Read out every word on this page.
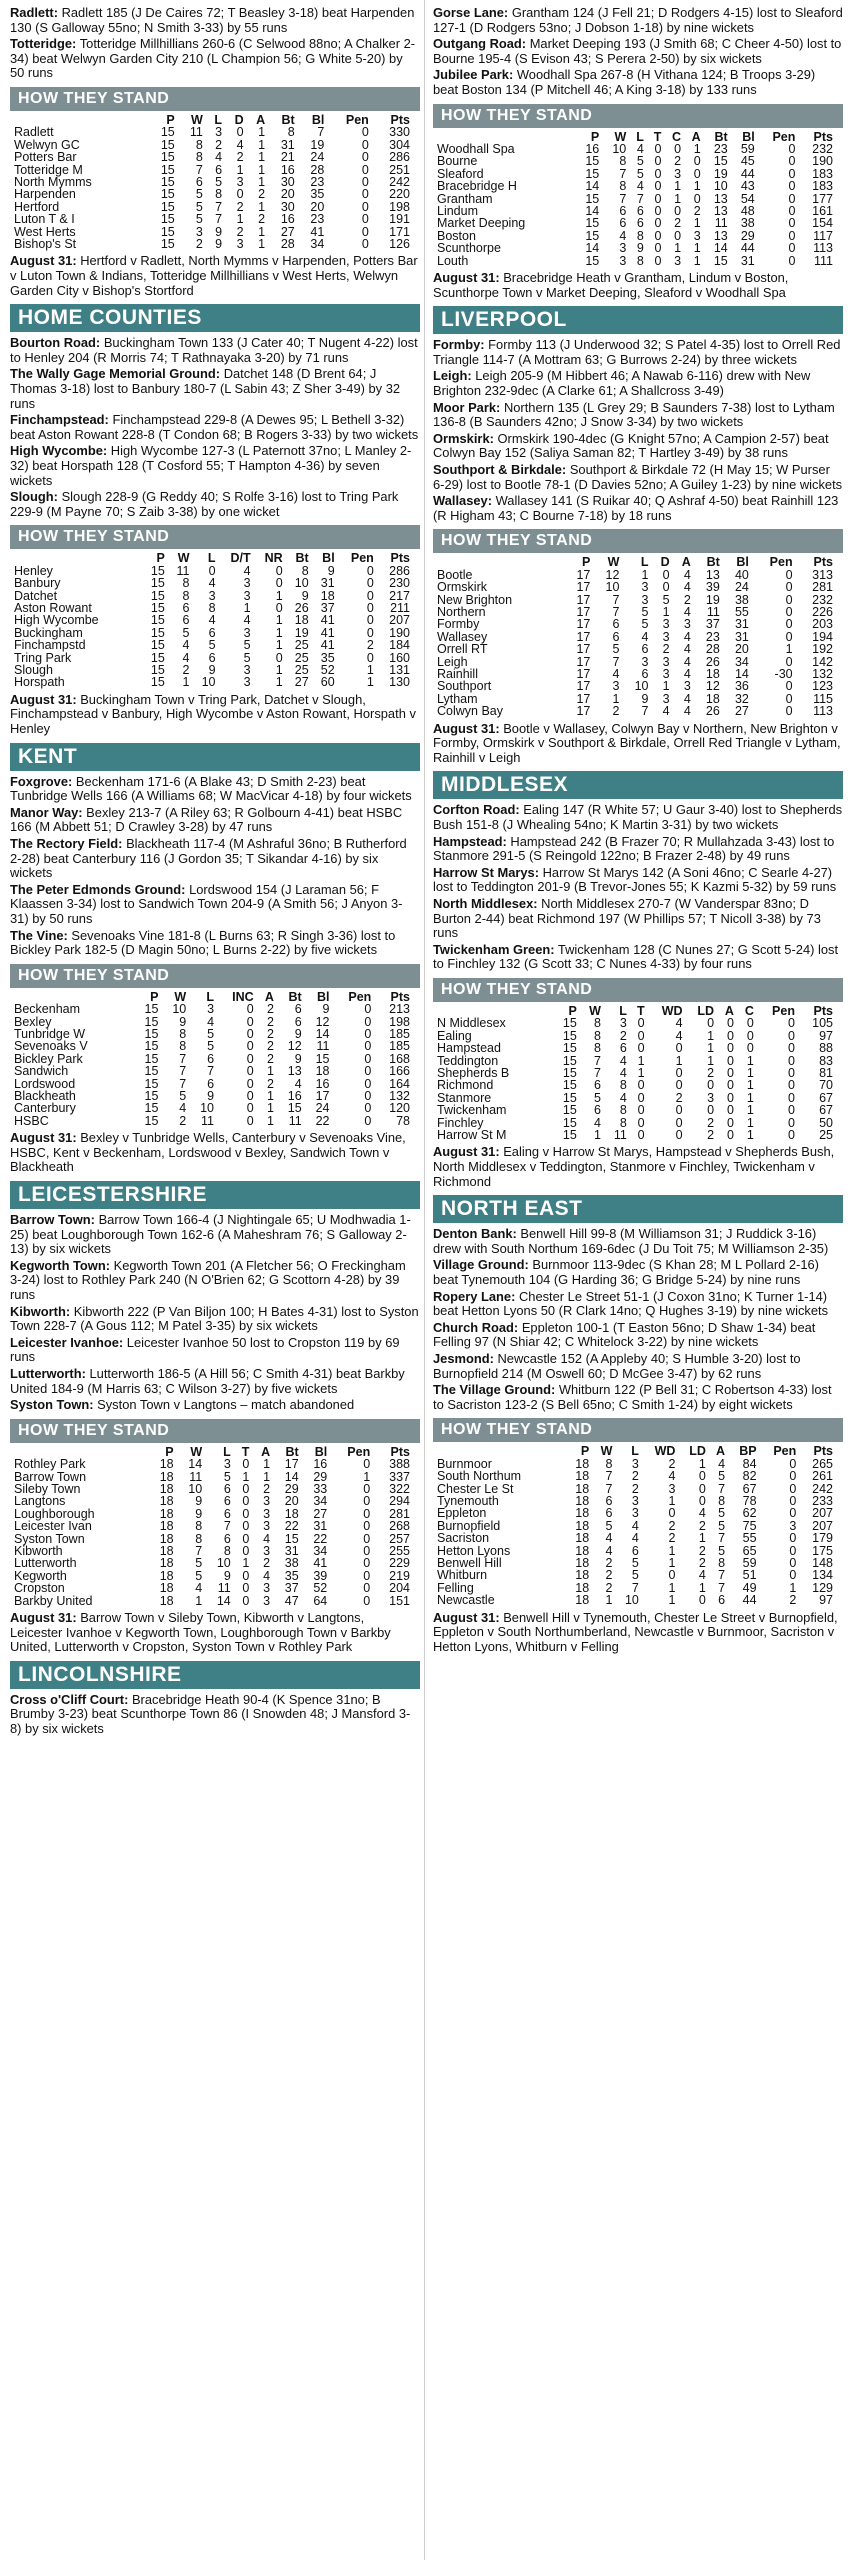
Radlett: Radlett 185 (J De Caires 72; T Beasley 3-18) beat Harpenden 130 (S Galloway 55no; N Smith 3-33) by 55 runs
Totteridge: Totteridge Millhillians 260-6 (C Selwood 88no; A Chalker 2-34) beat Welwyn Garden City 210 (L Champion 56; G White 5-20) by 50 runs
HOW THEY STAND
	P	W	L	D	A	Bt	Bl	Pen	Pts
Radlett	15	11	3	0	1	8	7	0	330
Welwyn GC	15	8	2	4	1	31	19	0	304
Potters Bar	15	8	4	2	1	21	24	0	286
Totteridge M	15	7	6	1	1	16	28	0	251
North Mymms	15	6	5	3	1	30	23	0	242
Harpenden	15	5	8	0	2	20	35	0	220
Hertford	15	5	7	2	1	30	20	0	198
Luton T & I	15	5	7	1	2	16	23	0	191
West Herts	15	3	9	2	1	27	41	0	171
Bishop's St	15	2	9	3	1	28	34	0	126
August 31: Hertford v Radlett, North Mymms v Harpenden, Potters Bar v Luton Town & Indians, Totteridge Millhillians v West Herts, Welwyn Garden City v Bishop's Stortford
HOME COUNTIES
Bourton Road: Buckingham Town 133 (J Cater 40; T Nugent 4-22) lost to Henley 204 (R Morris 74; T Rathnayaka 3-20) by 71 runs
The Wally Gage Memorial Ground: Datchet 148 (D Brent 64; J Thomas 3-18) lost to Banbury 180-7 (L Sabin 43; Z Sher 3-49) by 32 runs
Finchampstead: Finchampstead 229-8 (A Dewes 95; L Bethell 3-32) beat Aston Rowant 228-8 (T Condon 68; B Rogers 3-33) by two wickets
High Wycombe: High Wycombe 127-3 (L Paternott 37no; L Manley 2-32) beat Horspath 128 (T Cosford 55; T Hampton 4-36) by seven wickets
Slough: Slough 228-9 (G Reddy 40; S Rolfe 3-16) lost to Tring Park 229-9 (M Payne 70; S Zaib 3-38) by one wicket
HOW THEY STAND
	P	W	L	D/T	NR	Bt	Bl	Pen	Pts
Henley	15	11	0	4	0	8	9	0	286
Banbury	15	8	4	3	0	10	31	0	230
Datchet	15	8	3	3	1	9	18	0	217
Aston Rowant	15	6	8	1	0	26	37	0	211
High Wycombe	15	6	4	4	1	18	41	0	207
Buckingham	15	5	6	3	1	19	41	0	190
Finchampstd	15	4	5	5	1	25	41	2	184
Tring Park	15	4	6	5	0	25	35	0	160
Slough	15	2	9	3	1	25	52	1	131
Horspath	15	1	10	3	1	27	60	1	130
August 31: Buckingham Town v Tring Park, Datchet v Slough, Finchampstead v Banbury, High Wycombe v Aston Rowant, Horspath v Henley
KENT
Foxgrove: Beckenham 171-6 (A Blake 43; D Smith 2-23) beat Tunbridge Wells 166 (A Williams 68; W MacVicar 4-18) by four wickets
Manor Way: Bexley 213-7 (A Riley 63; R Golbourn 4-41) beat HSBC 166 (M Abbett 51; D Crawley 3-28) by 47 runs
The Rectory Field: Blackheath 117-4 (M Ashraful 36no; B Rutherford 2-28) beat Canterbury 116 (J Gordon 35; T Sikandar 4-16) by six wickets
The Peter Edmonds Ground: Lordswood 154 (J Laraman 56; F Klaassen 3-34) lost to Sandwich Town 204-9 (A Smith 56; J Anyon 3-31) by 50 runs
The Vine: Sevenoaks Vine 181-8 (L Burns 63; R Singh 3-36) lost to Bickley Park 182-5 (D Magin 50no; L Burns 2-22) by five wickets
HOW THEY STAND
	P	W	L	INC	A	Bt	Bl	Pen	Pts
Beckenham	15	10	3	0	2	6	9	0	213
Bexley	15	9	4	0	2	6	12	0	198
Tunbridge W	15	8	5	0	2	9	14	0	185
Sevenoaks V	15	8	5	0	2	12	11	0	185
Bickley Park	15	7	6	0	2	9	15	0	168
Sandwich	15	7	7	0	1	13	18	0	166
Lordswood	15	7	6	0	2	4	16	0	164
Blackheath	15	5	9	0	1	16	17	0	132
Canterbury	15	4	10	0	1	15	24	0	120
HSBC	15	2	11	0	1	11	22	0	78
August 31: Bexley v Tunbridge Wells, Canterbury v Sevenoaks Vine, HSBC, Kent v Beckenham, Lordswood v Bexley, Sandwich Town v Blackheath
LEICESTERSHIRE
Barrow Town: Barrow Town 166-4 (J Nightingale 65; U Modhwadia 1-25) beat Loughborough Town 162-6 (A Maheshram 76; S Galloway 2-13) by six wickets
Kegworth Town: Kegworth Town 201 (A Fletcher 56; O Freckingham 3-24) lost to Rothley Park 240 (N O'Brien 62; G Scottorn 4-28) by 39 runs
Kibworth: Kibworth 222 (P Van Biljon 100; H Bates 4-31) lost to Syston Town 228-7 (A Gous 112; M Patel 3-35) by six wickets
Leicester Ivanhoe: Leicester Ivanhoe 50 lost to Cropston 119 by 69 runs
Lutterworth: Lutterworth 186-5 (A Hill 56; C Smith 4-31) beat Barkby United 184-9 (M Harris 63; C Wilson 3-27) by five wickets
Syston Town: Syston Town v Langtons – match abandoned
HOW THEY STAND
	P	W	L	T	A	Bt	Bl	Pen	Pts
Rothley Park	18	14	3	0	1	17	16	0	388
Barrow Town	18	11	5	1	1	14	29	1	337
Sileby Town	18	10	6	0	2	29	33	0	322
Langtons	18	9	6	0	3	20	34	0	294
Loughborough	18	9	6	0	3	18	27	0	281
Leicester Ivan	18	8	7	0	3	22	31	0	268
Syston Town	18	8	6	0	4	15	22	0	257
Kibworth	18	7	8	0	3	31	34	0	255
Lutterworth	18	5	10	1	2	38	41	0	229
Kegworth	18	5	9	0	4	35	39	0	219
Cropston	18	4	11	0	3	37	52	0	204
Barkby United	18	1	14	0	3	47	64	0	151
August 31: Barrow Town v Sileby Town, Kibworth v Langtons, Leicester Ivanhoe v Kegworth Town, Loughborough Town v Barkby United, Lutterworth v Cropston, Syston Town v Rothley Park
LINCOLNSHIRE
Cross o'Cliff Court: Bracebridge Heath 90-4 (K Spence 31no; B Brumby 3-23) beat Scunthorpe Town 86 (I Snowden 48; J Mansford 3-8) by six wickets
Gorse Lane: Grantham 124 (J Fell 21; D Rodgers 4-15) lost to Sleaford 127-1 (D Rodgers 53no; J Dobson 1-18) by nine wickets
Outgang Road: Market Deeping 193 (J Smith 68; C Cheer 4-50) lost to Bourne 195-4 (S Evison 43; S Perera 2-50) by six wickets
Jubilee Park: Woodhall Spa 267-8 (H Vithana 124; B Troops 3-29) beat Boston 134 (P Mitchell 46; A King 3-18) by 133 runs
HOW THEY STAND
	P	W	L	T	C	A	Bt	Bl	Pen	Pts
Woodhall Spa	16	10	4	0	0	1	23	59	0	232
Bourne	15	8	5	0	2	0	15	45	0	190
Sleaford	15	7	5	0	3	0	19	44	0	183
Bracebridge H	14	8	4	0	1	1	10	43	0	183
Grantham	15	7	7	0	1	0	13	54	0	177
Lindum	14	6	6	0	0	2	13	48	0	161
Market Deeping	15	6	6	0	2	1	11	38	0	154
Boston	15	4	8	0	0	3	13	29	0	117
Scunthorpe	14	3	9	0	1	1	14	44	0	113
Louth	15	3	8	0	3	1	15	31	0	111
August 31: Bracebridge Heath v Grantham, Lindum v Boston, Scunthorpe Town v Market Deeping, Sleaford v Woodhall Spa
LIVERPOOL
Formby: Formby 113 (J Underwood 32; S Patel 4-35) lost to Orrell Red Triangle 114-7 (A Mottram 63; G Burrows 2-24) by three wickets
Leigh: Leigh 205-9 (M Hibbert 46; A Nawab 6-116) drew with New Brighton 232-9dec (A Clarke 61; A Shallcross 3-49)
Moor Park: Northern 135 (L Grey 29; B Saunders 7-38) lost to Lytham 136-8 (B Saunders 42no; J Snow 3-34) by two wickets
Ormskirk: Ormskirk 190-4dec (G Knight 57no; A Campion 2-57) beat Colwyn Bay 152 (Saliya Saman 82; T Hartley 3-49) by 38 runs
Southport & Birkdale: Southport & Birkdale 72 (H May 15; W Purser 6-29) lost to Bootle 78-1 (D Davies 52no; A Guiley 1-23) by nine wickets
Wallasey: Wallasey 141 (S Ruikar 40; Q Ashraf 4-50) beat Rainhill 123 (R Higham 43; C Bourne 7-18) by 18 runs
HOW THEY STAND
	P	W	L	D	A	Bt	Bl	Pen	Pts
Bootle	17	12	1	0	4	13	40	0	313
Ormskirk	17	10	3	0	4	39	24	0	281
New Brighton	17	7	3	5	2	19	38	0	232
Northern	17	7	5	1	4	11	55	0	226
Formby	17	6	5	3	3	37	31	0	203
Wallasey	17	6	4	3	4	23	31	0	194
Orrell RT	17	5	6	2	4	28	20	1	192
Leigh	17	7	3	3	4	26	34	0	142
Rainhill	17	4	6	3	4	18	14	-30	132
Southport	17	3	10	1	3	12	36	0	123
Lytham	17	1	9	3	4	18	32	0	115
Colwyn Bay	17	2	7	4	4	26	27	0	113
August 31: Bootle v Wallasey, Colwyn Bay v Northern, New Brighton v Formby, Ormskirk v Southport & Birkdale, Orrell Red Triangle v Lytham, Rainhill v Leigh
MIDDLESEX
Corfton Road: Ealing 147 (R White 57; U Gaur 3-40) lost to Shepherds Bush 151-8 (J Whealing 54no; K Martin 3-31) by two wickets
Hampstead: Hampstead 242 (B Frazer 70; R Mullahzada 3-43) lost to Stanmore 291-5 (S Reingold 122no; B Frazer 2-48) by 49 runs
Harrow St Marys: Harrow St Marys 142 (A Soni 46no; C Searle 4-27) lost to Teddington 201-9 (B Trevor-Jones 55; K Kazmi 5-32) by 59 runs
North Middlesex: North Middlesex 270-7 (W Vanderspar 83no; D Burton 2-44) beat Richmond 197 (W Phillips 57; T Nicoll 3-38) by 73 runs
Twickenham Green: Twickenham 128 (C Nunes 27; G Scott 5-24) lost to Finchley 132 (G Scott 33; C Nunes 4-33) by four runs
HOW THEY STAND
	P	W	L	T	WD	LD	A	C	Pen	Pts
N Middlesex	15	8	3	0	4	0	0	0	0	105
Ealing	15	8	2	0	4	1	0	0	0	97
Hampstead	15	8	6	0	0	1	0	0	0	88
Teddington	15	7	4	1	1	1	0	1	0	83
Shepherds B	15	7	4	1	0	2	0	1	0	81
Richmond	15	6	8	0	0	0	0	1	0	70
Stanmore	15	5	4	0	2	3	0	1	0	67
Twickenham	15	6	8	0	0	0	0	1	0	67
Finchley	15	4	8	0	0	2	0	1	0	50
Harrow St M	15	1	11	0	0	2	0	1	0	25
August 31: Ealing v Harrow St Marys, Hampstead v Shepherds Bush, North Middlesex v Teddington, Stanmore v Finchley, Twickenham v Richmond
NORTH EAST
Denton Bank: Benwell Hill 99-8 (M Williamson 31; J Ruddick 3-16) drew with South Northum 169-6dec (J Du Toit 75; M Williamson 2-35)
Village Ground: Burnmoor 113-9dec (S Khan 28; M L Pollard 2-16) beat Tynemouth 104 (G Harding 36; G Bridge 5-24) by nine runs
Ropery Lane: Chester Le Street 51-1 (J Coxon 31no; K Turner 1-14) beat Hetton Lyons 50 (R Clark 14no; Q Hughes 3-19) by nine wickets
Church Road: Eppleton 100-1 (T Easton 56no; D Shaw 1-34) beat Felling 97 (N Shiar 42; C Whitelock 3-22) by nine wickets
Jesmond: Newcastle 152 (A Appleby 40; S Humble 3-20) lost to Burnopfield 214 (M Oswell 60; D McGee 3-47) by 62 runs
The Village Ground: Whitburn 122 (P Bell 31; C Robertson 4-33) lost to Sacriston 123-2 (S Bell 65no; C Smith 1-24) by eight wickets
HOW THEY STAND
	P	W	L	WD	LD	A	BP	Pen	Pts
Burnmoor	18	8	3	2	1	4	84	0	265
South Northum	18	7	2	4	0	5	82	0	261
Chester Le St	18	7	2	3	0	7	67	0	242
Tynemouth	18	6	3	1	0	8	78	0	233
Eppleton	18	6	3	0	4	5	62	0	207
Burnopfield	18	5	4	2	2	5	75	3	207
Sacriston	18	4	4	2	1	7	55	0	179
Hetton Lyons	18	4	6	1	2	5	65	0	175
Benwell Hill	18	2	5	1	2	8	59	0	148
Whitburn	18	2	5	0	4	7	51	0	134
Felling	18	2	7	1	1	7	49	1	129
Newcastle	18	1	10	1	0	6	44	2	97
August 31: Benwell Hill v Tynemouth, Chester Le Street v Burnopfield, Eppleton v South Northumberland, Newcastle v Burnmoor, Sacriston v Hetton Lyons, Whitburn v Felling
